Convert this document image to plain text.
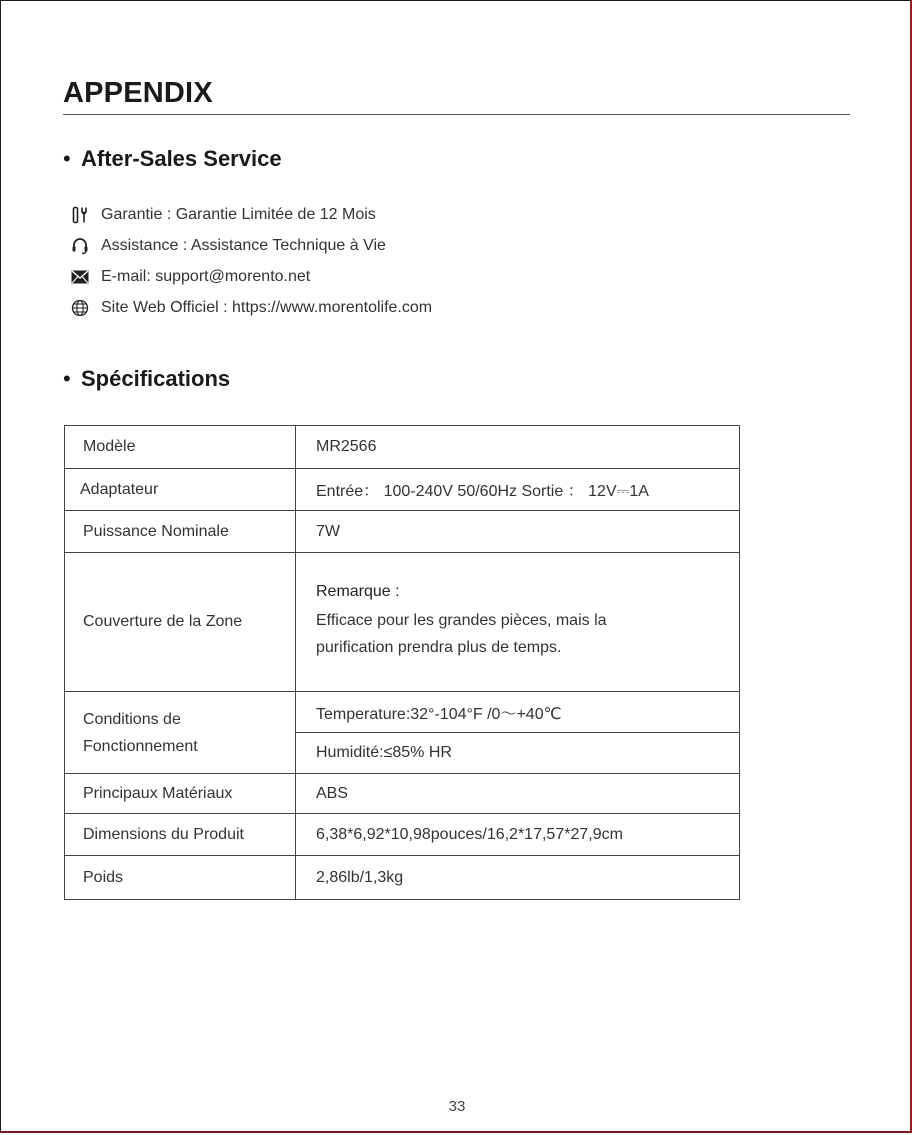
APPENDIX
• After-Sales Service
Garantie : Garantie Limitée de 12 Mois
Assistance : Assistance Technique à Vie
E-mail: support@morento.net
Site Web Officiel : https://www.morentolife.com
• Spécifications
Modèle	MR2566
Adaptateur	Entrée： 100-240V 50/60Hz Sortie ： 12V⎓1A
Puissance Nominale	7W
Couverture de la Zone	Remarque :
Efficace pour les grandes pièces, mais la
purification prendra plus de temps.

Conditions de
Fonctionnement	Temperature:32°-104°F /0～+40℃
	Humidité:≤85% HR
Principaux Matériaux	ABS
Dimensions du Produit	6,38*6,92*10,98pouces/16,2*17,57*27,9cm
Poids	2,86lb/1,3kg
33
